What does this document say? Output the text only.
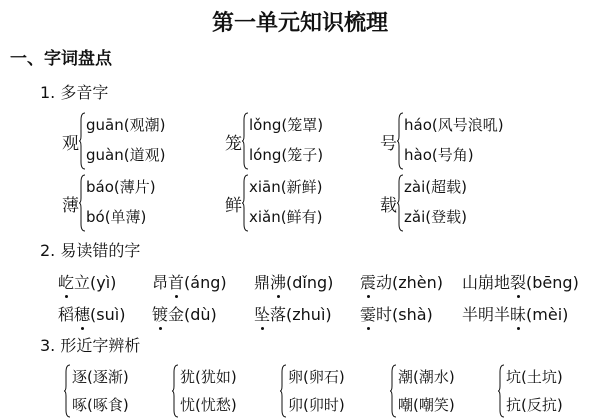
第一单元知识梳理
一、字词盘点
1. 多音字
观
guān(观潮)
guàn(道观)
笼
lǒng(笼罩)
lóng(笼子)
号
háo(风号浪吼)
hào(号角)
薄
báo(薄片)
bó(单薄)
鲜
xiān(新鲜)
xiǎn(鲜有)
载
zài(超载)
zǎi(登载)
2. 易读错的字
屹立(yì) 昂首(áng) 鼎沸(dǐng) 震动(zhèn) 山崩地裂(bēng)
稻穗(suì) 镀金(dù) 坠落(zhuì) 霎时(shà) 半明半昧(mèi)
3. 形近字辨析
逐(逐渐)
啄(啄食)
犹(犹如)
忧(忧愁)
卵(卵石)
卯(卯时)
潮(潮水)
嘲(嘲笑)
坑(土坑)
抗(反抗)
